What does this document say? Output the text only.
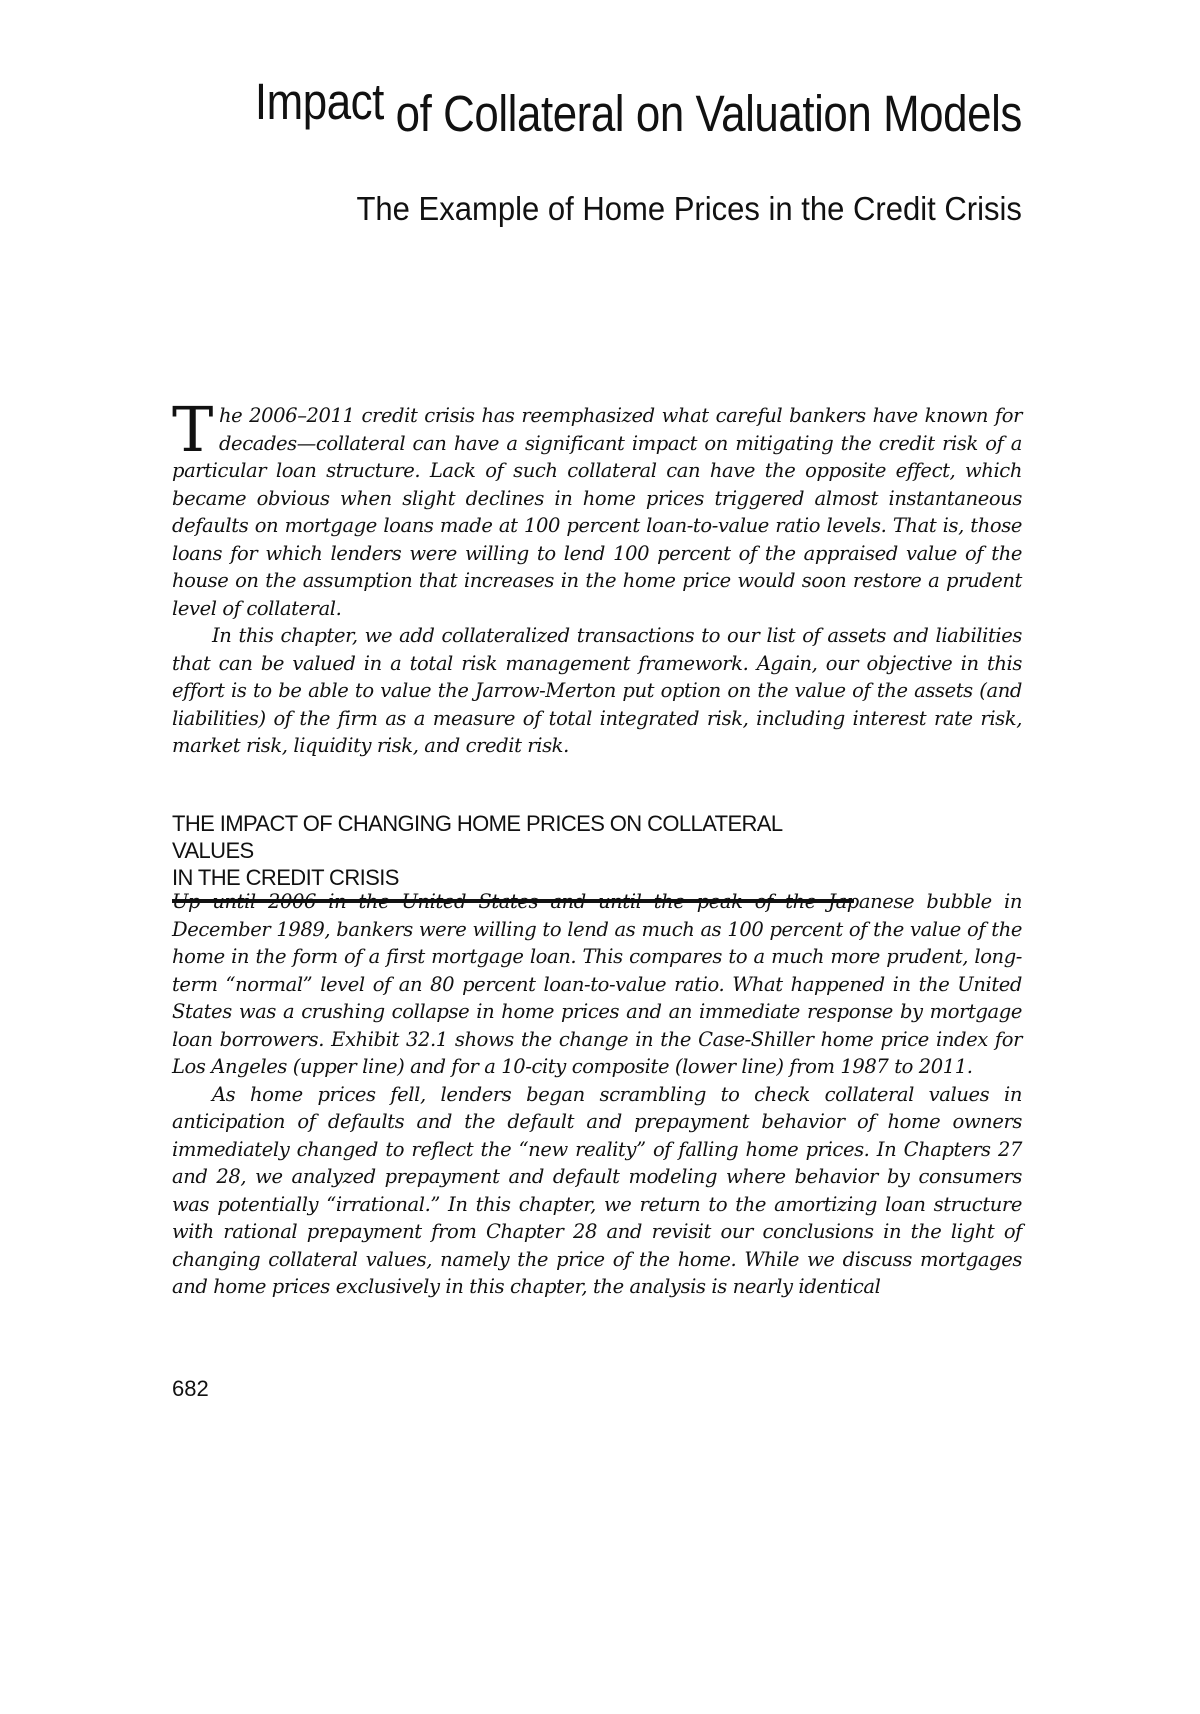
Impact of Collateral on Valuation Models
The Example of Home Prices in the Credit Crisis

The 2006–2011 credit crisis has reemphasized what careful bankers have known for decades—collateral can have a significant impact on mitigating the credit risk of a particular loan structure. Lack of such collateral can have the opposite effect, which became obvious when slight declines in home prices triggered almost instantaneous defaults on mortgage loans made at 100 percent loan-to-value ratio levels. That is, those loans for which lenders were willing to lend 100 percent of the appraised value of the house on the assumption that increases in the home price would soon restore a prudent level of collateral.

In this chapter, we add collateralized transactions to our list of assets and liabilities that can be valued in a total risk management framework. Again, our objective in this effort is to be able to value the Jarrow-Merton put option on the value of the assets (and liabilities) of the firm as a measure of total integrated risk, including interest rate risk, market risk, liquidity risk, and credit risk.

THE IMPACT OF CHANGING HOME PRICES ON COLLATERAL VALUES
IN THE CREDIT CRISIS

Up until 2006 in the United States and until the peak of the Japanese bubble in December 1989, bankers were willing to lend as much as 100 percent of the value of the home in the form of a first mortgage loan. This compares to a much more prudent, long-term “normal” level of an 80 percent loan-to-value ratio. What happened in the United States was a crushing collapse in home prices and an immediate response by mortgage loan borrowers. Exhibit 32.1 shows the change in the Case-Shiller home price index for Los Angeles (upper line) and for a 10-city composite (lower line) from 1987 to 2011.

As home prices fell, lenders began scrambling to check collateral values in anticipation of defaults and the default and prepayment behavior of home owners immediately changed to reflect the “new reality” of falling home prices. In Chapters 27 and 28, we analyzed prepayment and default modeling where behavior by consumers was potentially “irrational.” In this chapter, we return to the amortizing loan structure with rational prepayment from Chapter 28 and revisit our conclusions in the light of changing collateral values, namely the price of the home. While we discuss mortgages and home prices exclusively in this chapter, the analysis is nearly identical

682
